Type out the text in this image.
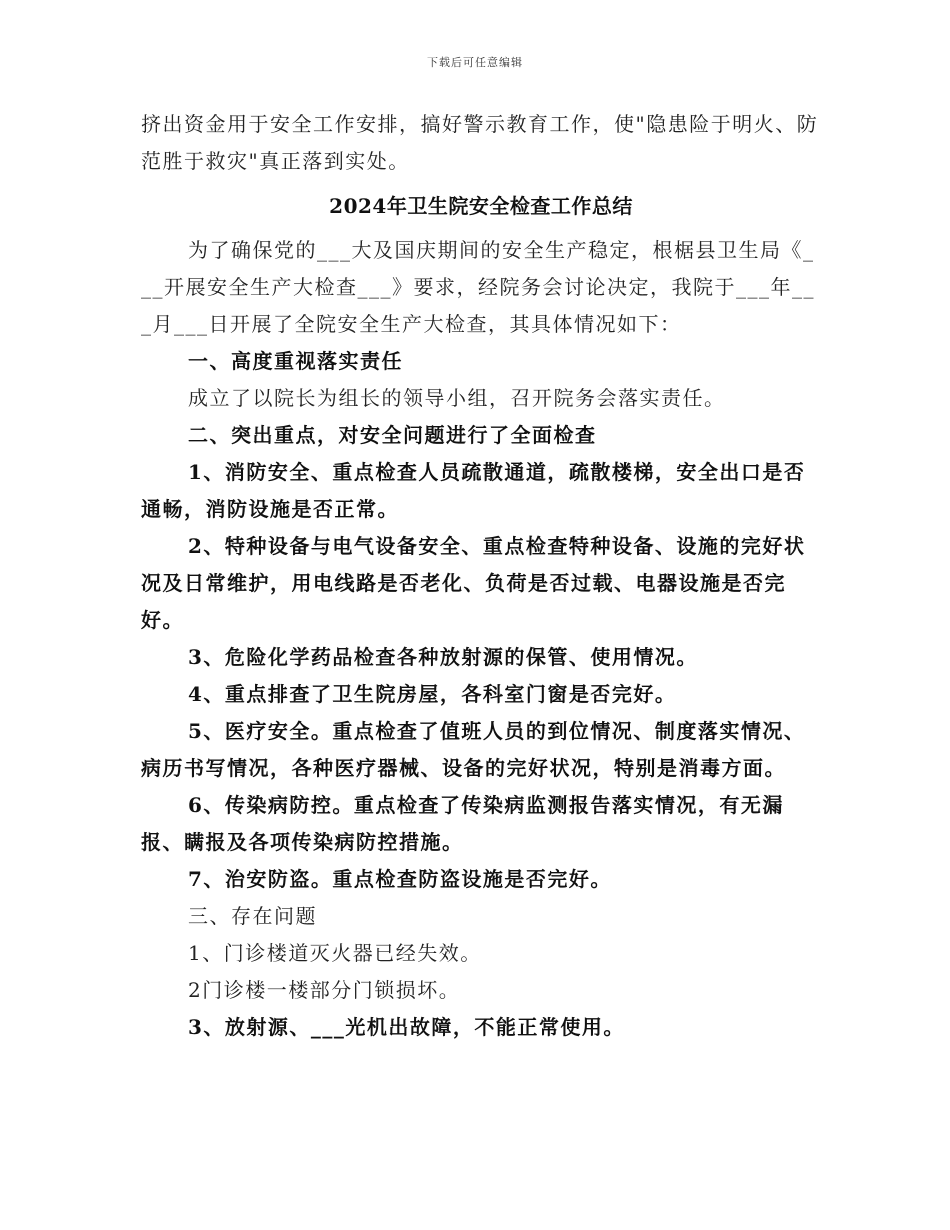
下载后可任意编辑

挤出资金用于安全工作安排，搞好警示教育工作，使"隐患险于明火、防范胜于救灾"真正落到实处。

2024年卫生院安全检查工作总结

为了确保党的___大及国庆期间的安全生产稳定，根椐县卫生局《___开展安全生产大检查___》要求，经院务会讨论决定，我院于___年___月___日开展了全院安全生产大检查，其具体情况如下：

一、高度重视落实责任

成立了以院长为组长的领导小组，召开院务会落实责任。

二、突出重点，对安全问题进行了全面检查

1、消防安全、重点检查人员疏散通道，疏散楼梯，安全出口是否通畅，消防设施是否正常。

2、特种设备与电气设备安全、重点检查特种设备、设施的完好状况及日常维护，用电线路是否老化、负荷是否过载、电器设施是否完好。

3、危险化学药品检查各种放射源的保管、使用情况。

4、重点排查了卫生院房屋，各科室门窗是否完好。

5、医疗安全。重点检查了值班人员的到位情况、制度落实情况、病历书写情况，各种医疗器械、设备的完好状况，特别是消毒方面。

6、传染病防控。重点检查了传染病监测报告落实情况，有无漏报、瞒报及各项传染病防控措施。

7、治安防盗。重点检查防盗设施是否完好。

三、存在问题

1、门诊楼道灭火器已经失效。

2门诊楼一楼部分门锁损坏。

3、放射源、___光机出故障，不能正常使用。
